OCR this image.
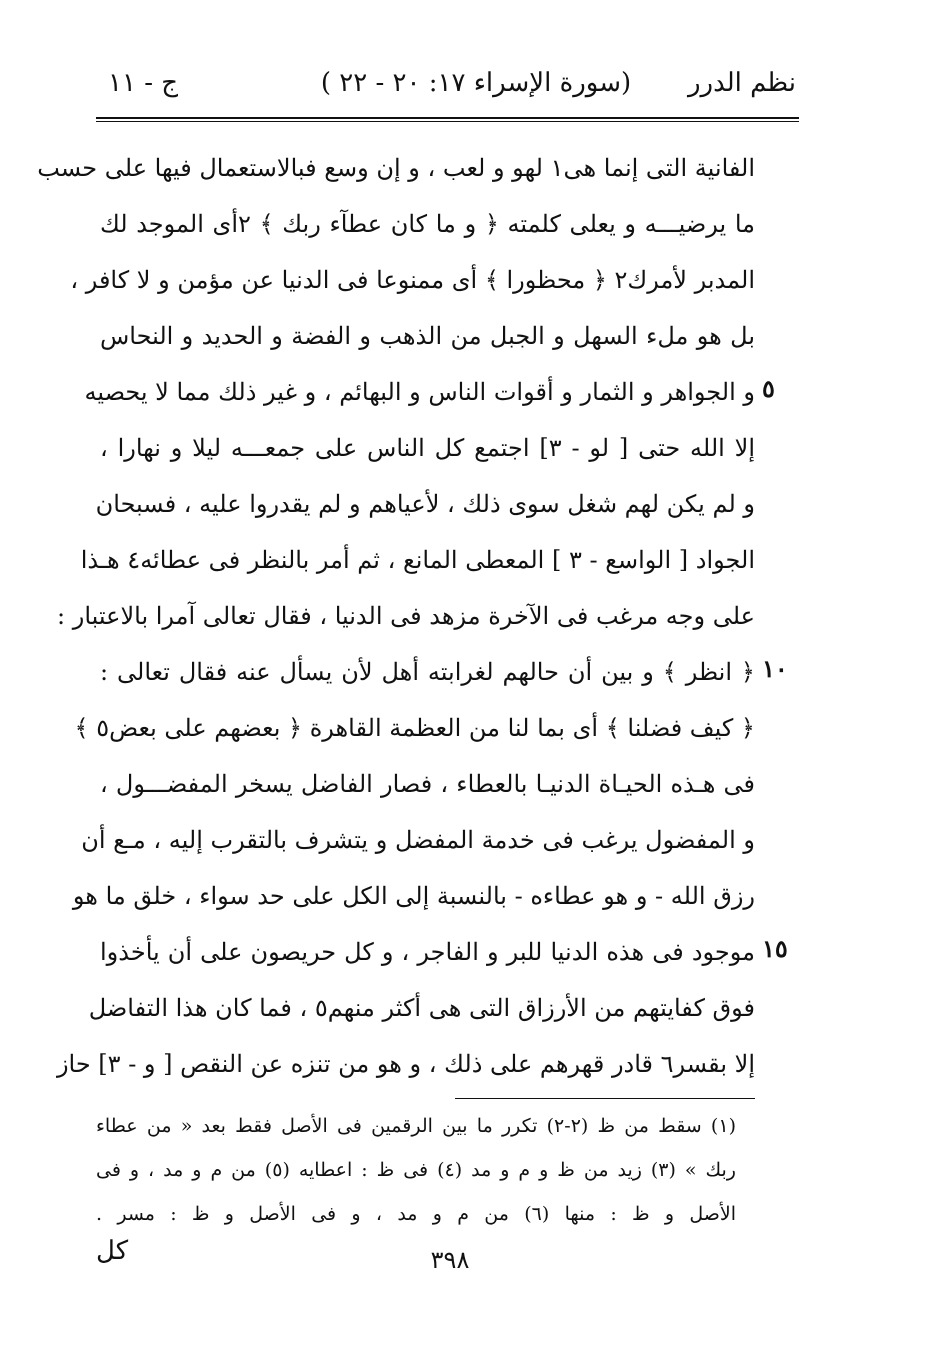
نظم الدرر
(سورة الإسراء ١٧: ٢٠ - ٢٢ )
ج - ١١
الفانية التى إنما هى١ لهو و لعب ، و إن وسع فبالاستعمال فيها على حسب
ما يرضيـــه و يعلى كلمته ﴿ و ما كان عطآء ربك ﴾ ٢أى الموجد لك
المدبر لأمرك٢ ﴿ محظورا ﴾ أى ممنوعا فى الدنيا عن مؤمن و لا كافر ،
بل هو ملء السهل و الجبل من الذهب و الفضة و الحديد و النحاس
و الجواهر و الثمار و أقوات الناس و البهائم ، و غير ذلك مما لا يحصيه
إلا الله حتى [ لو - ٣] اجتمع كل الناس على جمعـــه ليلا و نهارا ،
و لم يكن لهم شغل سوى ذلك ، لأعياهم و لم يقدروا عليه ، فسبحان
الجواد [ الواسع - ٣ ] المعطى المانع ، ثم أمر بالنظر فى عطائه٤ هـذا
على وجه مرغب فى الآخرة مزهد فى الدنيا ، فقال تعالى آمرا بالاعتبار :
﴿ انظر ﴾ و بين أن حالهم لغرابته أهل لأن يسأل عنه فقال تعالى :
﴿ كيف فضلنا ﴾ أى بما لنا من العظمة القاهرة ﴿ بعضهم على بعض٥ ﴾
فى هـذه الحيـاة الدنيـا بالعطاء ، فصار الفاضل يسخر المفضـــول ،
و المفضول يرغب فى خدمة المفضل و يتشرف بالتقرب إليه ، مـع أن
رزق الله - و هو عطاءه - بالنسبة إلى الكل على حد سواء ، خلق ما هو
موجود فى هذه الدنيا للبر و الفاجر ، و كل حريصون على أن يأخذوا
فوق كفايتهم من الأرزاق التى هى أكثر منهم٥ ، فما كان هذا التفاضل
إلا بقسر٦ قادر قهرهم على ذلك ، و هو من تنزه عن النقص [ و - ٣] حاز
٥
١٠
١٥
(١) سقط من ظ (٢-٢) تكرر ما بين الرقمين فى الأصل فقط بعد « من عطاء
ربك » (٣) زيد من ظ و م و مد (٤) فى ظ : اعطايه (٥) من م و مد ، و فى
الأصل و ظ : منها (٦) من م و مد ، و فى الأصل و ظ : مسر .
كل	٣٩٨
